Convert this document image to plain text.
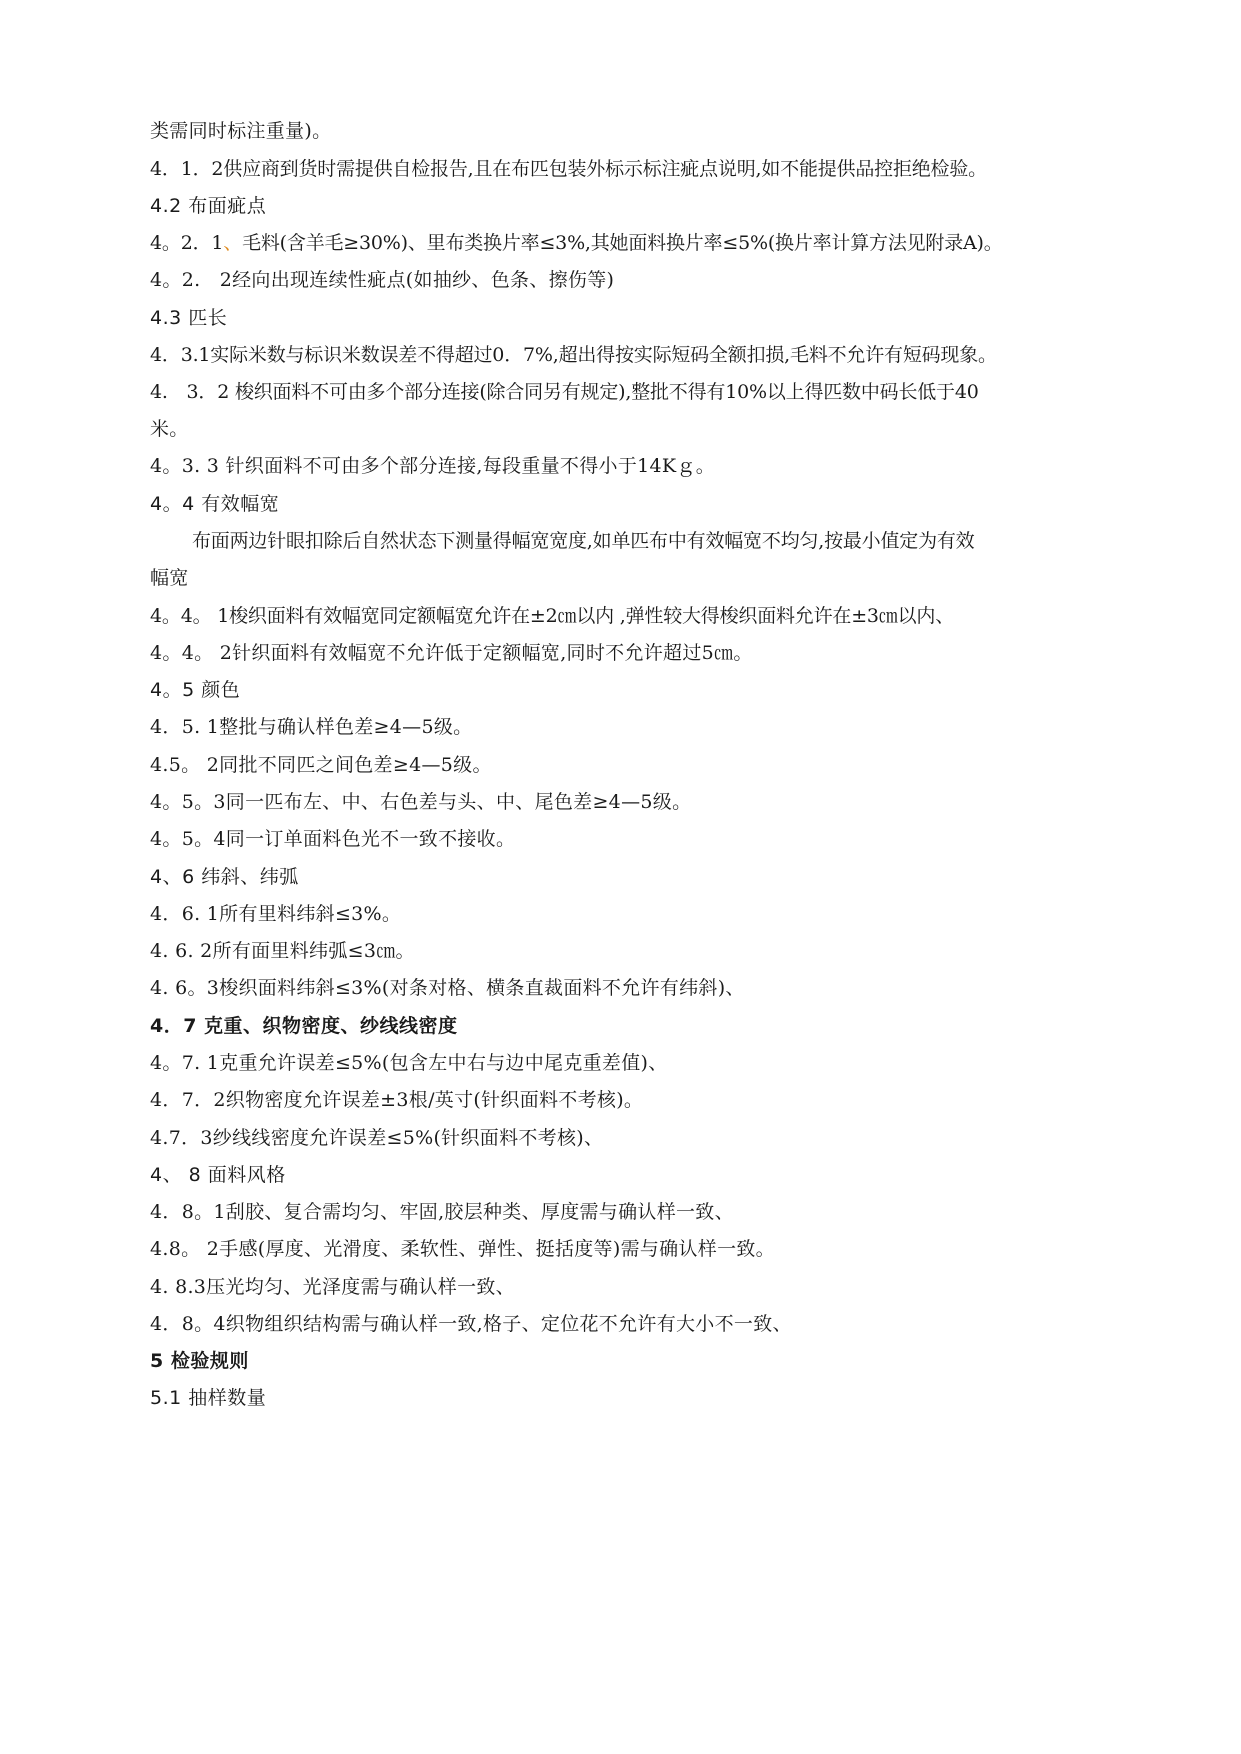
类需同时标注重量)。
4．1．2供应商到货时需提供自检报告,且在布匹包装外标示标注疵点说明,如不能提供品控拒绝检验。
4.2 布面疵点
4。2．1、毛料(含羊毛≥30%)、里布类换片率≤3%,其她面料换片率≤5%(换片率计算方法见附录A)。
4。2.　2经向出现连续性疵点(如抽纱、色条、擦伤等)
4.3 匹长
4．3.1实际米数与标识米数误差不得超过0．7%,超出得按实际短码全额扣损,毛料不允许有短码现象。
4.　3．2 梭织面料不可由多个部分连接(除合同另有规定),整批不得有10%以上得匹数中码长低于40
米。
4。3. 3 针织面料不可由多个部分连接,每段重量不得小于14Kｇ。
4。4 有效幅宽
布面两边针眼扣除后自然状态下测量得幅宽宽度,如单匹布中有效幅宽不均匀,按最小值定为有效
幅宽
4。4。 1梭织面料有效幅宽同定额幅宽允许在±2㎝以内 ,弹性较大得梭织面料允许在±3㎝以内、
4。4。 2针织面料有效幅宽不允许低于定额幅宽,同时不允许超过5㎝。
4。5 颜色
4．5. 1整批与确认样色差≥4—5级。
4.5。 2同批不同匹之间色差≥4—5级。
4。5。3同一匹布左、中、右色差与头、中、尾色差≥4—5级。
4。5。4同一订单面料色光不一致不接收。
4、6 纬斜、纬弧
4．6. 1所有里料纬斜≤3%。
4. 6. 2所有面里料纬弧≤3㎝。
4. 6。3梭织面料纬斜≤3%(对条对格、横条直裁面料不允许有纬斜)、
4．7 克重、织物密度、纱线线密度
4。7. 1克重允许误差≤5%(包含左中右与边中尾克重差值)、
4．7．2织物密度允许误差±3根/英寸(针织面料不考核)。
4.7．3纱线线密度允许误差≤5%(针织面料不考核)、
4、 8 面料风格
4．8。1刮胶、复合需均匀、牢固,胶层种类、厚度需与确认样一致、
4.8。 2手感(厚度、光滑度、柔软性、弹性、挺括度等)需与确认样一致。
4. 8.3压光均匀、光泽度需与确认样一致、
4．8。4织物组织结构需与确认样一致,格子、定位花不允许有大小不一致、
5 检验规则
5.1 抽样数量
